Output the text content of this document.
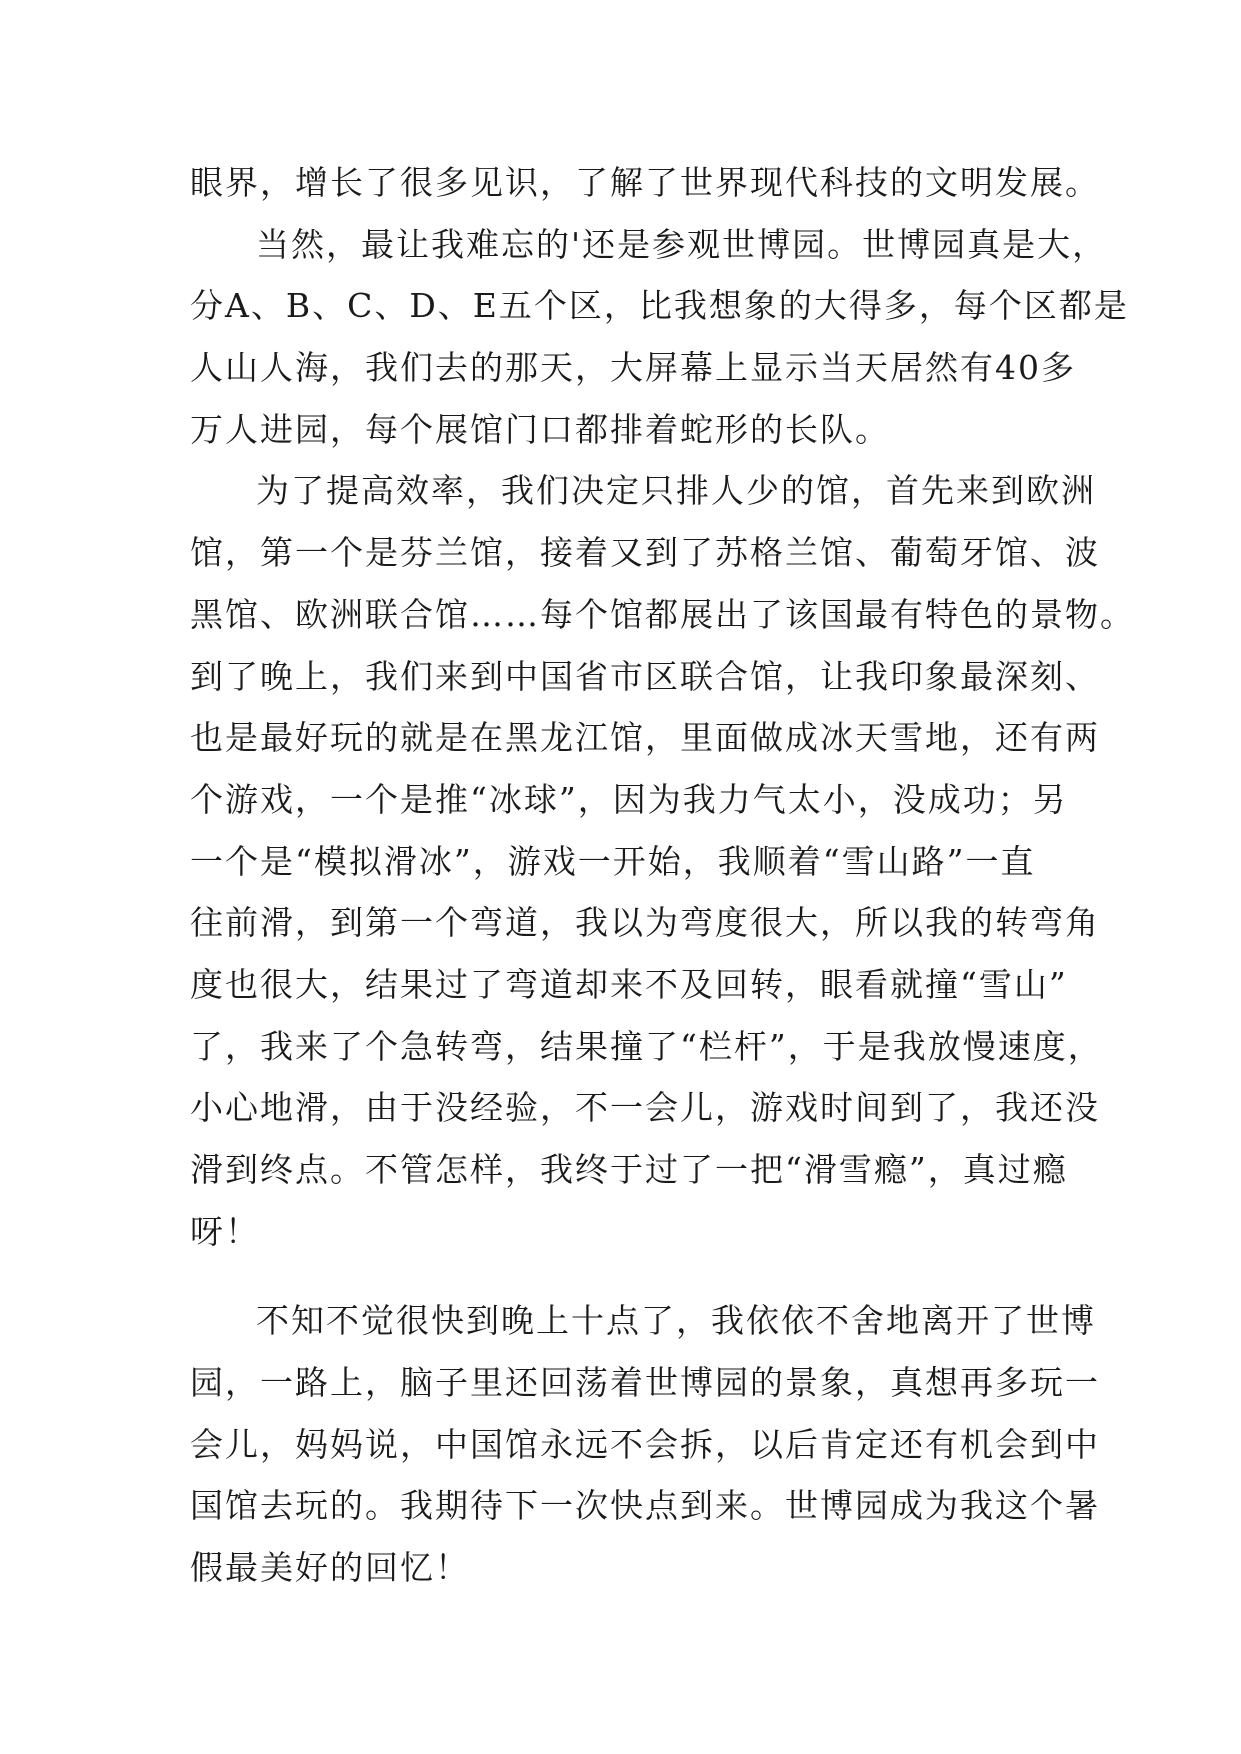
眼界，增长了很多见识，了解了世界现代科技的文明发展。
当然，最让我难忘的'还是参观世博园。世博园真是大，
分A、B、C、D、E五个区，比我想象的大得多，每个区都是
人山人海，我们去的那天，大屏幕上显示当天居然有40多
万人进园，每个展馆门口都排着蛇形的长队。
为了提高效率，我们决定只排人少的馆，首先来到欧洲
馆，第一个是芬兰馆，接着又到了苏格兰馆、葡萄牙馆、波
黑馆、欧洲联合馆……每个馆都展出了该国最有特色的景物。
到了晚上，我们来到中国省市区联合馆，让我印象最深刻、
也是最好玩的就是在黑龙江馆，里面做成冰天雪地，还有两
个游戏，一个是推“冰球”，因为我力气太小，没成功；另
一个是“模拟滑冰”，游戏一开始，我顺着“雪山路”一直
往前滑，到第一个弯道，我以为弯度很大，所以我的转弯角
度也很大，结果过了弯道却来不及回转，眼看就撞“雪山”
了，我来了个急转弯，结果撞了“栏杆”，于是我放慢速度，
小心地滑，由于没经验，不一会儿，游戏时间到了，我还没
滑到终点。不管怎样，我终于过了一把“滑雪瘾”，真过瘾
呀！
不知不觉很快到晚上十点了，我依依不舍地离开了世博
园，一路上，脑子里还回荡着世博园的景象，真想再多玩一
会儿，妈妈说，中国馆永远不会拆，以后肯定还有机会到中
国馆去玩的。我期待下一次快点到来。世博园成为我这个暑
假最美好的回忆！
